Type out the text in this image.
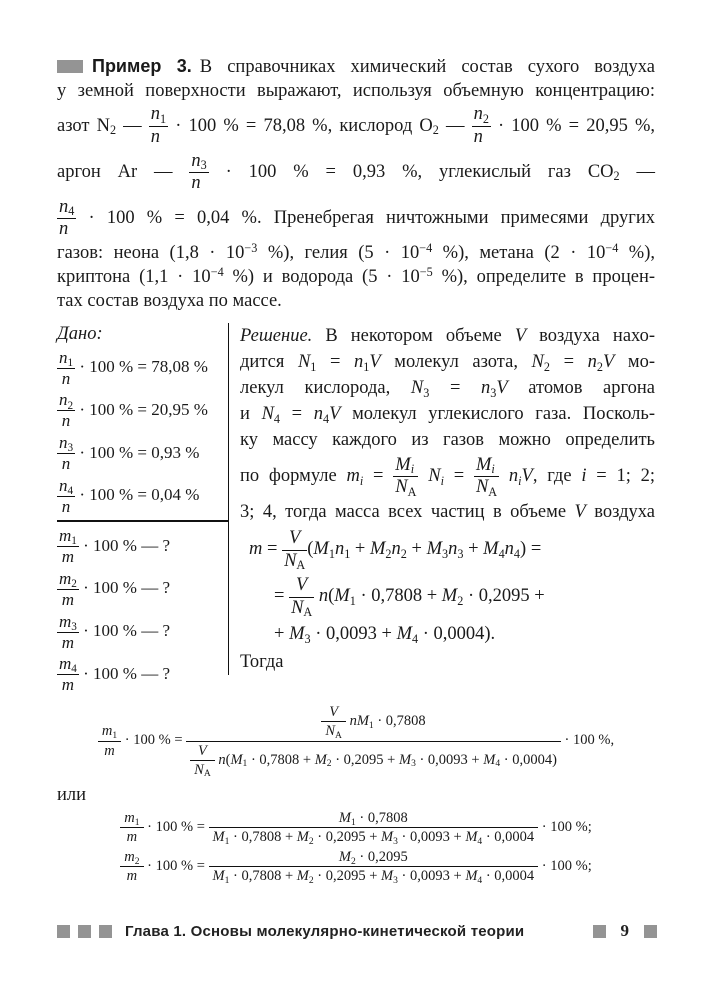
Пример 3. В справочниках химический состав сухого воздуха
у земной поверхности выражают, используя объемную концентрацию:
азот $N_2$ — $\frac{n_1}{n} \cdot 100$ % = 78,08 %, кислород $O_2$ — $\frac{n_2}{n} \cdot 100$ % = 20,95 %,
аргон Ar — $\frac{n_3}{n} \cdot 100$ % = 0,93 %, углекислый газ $CO_2$ —
$\frac{n_4}{n} \cdot 100$ % = 0,04 %. Пренебрегая ничтожными примесями других
газов: неона ($1,8 \cdot 10^{-3}$ %), гелия ($5 \cdot 10^{-4}$ %), метана ($2 \cdot 10^{-4}$ %),
криптона ($1,1 \cdot 10^{-4}$ %) и водорода ($5 \cdot 10^{-5}$ %), определите в процен-
тах состав воздуха по массе.
Дано:
$\frac{n_1}{n} \cdot 100$ % = 78,08 %
$\frac{n_2}{n} \cdot 100$ % = 20,95 %
$\frac{n_3}{n} \cdot 100$ % = 0,93 %
$\frac{n_4}{n} \cdot 100$ % = 0,04 %
$\frac{m_1}{m} \cdot 100$ % — ?
$\frac{m_2}{m} \cdot 100$ % — ?
$\frac{m_3}{m} \cdot 100$ % — ?
$\frac{m_4}{m} \cdot 100$ % — ?
Решение. В некотором объеме V воздуха нахо-
дится $N_1 = n_1V$ молекул азота, $N_2 = n_2V$ мо-
лекул кислорода, $N_3 = n_3V$ атомов аргона
и $N_4 = n_4V$ молекул углекислого газа. Посколь-
ку массу каждого из газов можно определить
по формуле $m_i = \frac{M_i}{N_А} N_i = \frac{M_i}{N_А} n_iV$, где i = 1; 2;
3; 4, тогда масса всех частиц в объеме V воздуха
$m = \frac{V}{N_А} (M_1n_1 + M_2n_2 + M_3n_3 + M_4n_4)$ =
= $\frac{V}{N_А} n(M_1 \cdot 0,7808 + M_2 \cdot 0,2095$ +
+ $M_3 \cdot 0,0093 + M_4 \cdot 0,0004$).
Тогда
$\frac{m_1}{m} \cdot 100$ % = $\frac{\frac{V}{N_А} nM_1 \cdot 0,7808}{\frac{V}{N_А} n(M_1 \cdot 0,7808 + M_2 \cdot 0,2095 + M_3 \cdot 0,0093 + M_4 \cdot 0,0004)} \cdot 100$ %,
или
$\frac{m_1}{m} \cdot 100$ % = $\frac{M_1 \cdot 0,7808}{M_1 \cdot 0,7808 + M_2 \cdot 0,2095 + M_3 \cdot 0,0093 + M_4 \cdot 0,0004} \cdot 100$ %;
$\frac{m_2}{m} \cdot 100$ % = $\frac{M_2 \cdot 0,2095}{M_1 \cdot 0,7808 + M_2 \cdot 0,2095 + M_3 \cdot 0,0093 + M_4 \cdot 0,0004} \cdot 100$ %;
Глава 1. Основы молекулярно-кинетической теории	9
